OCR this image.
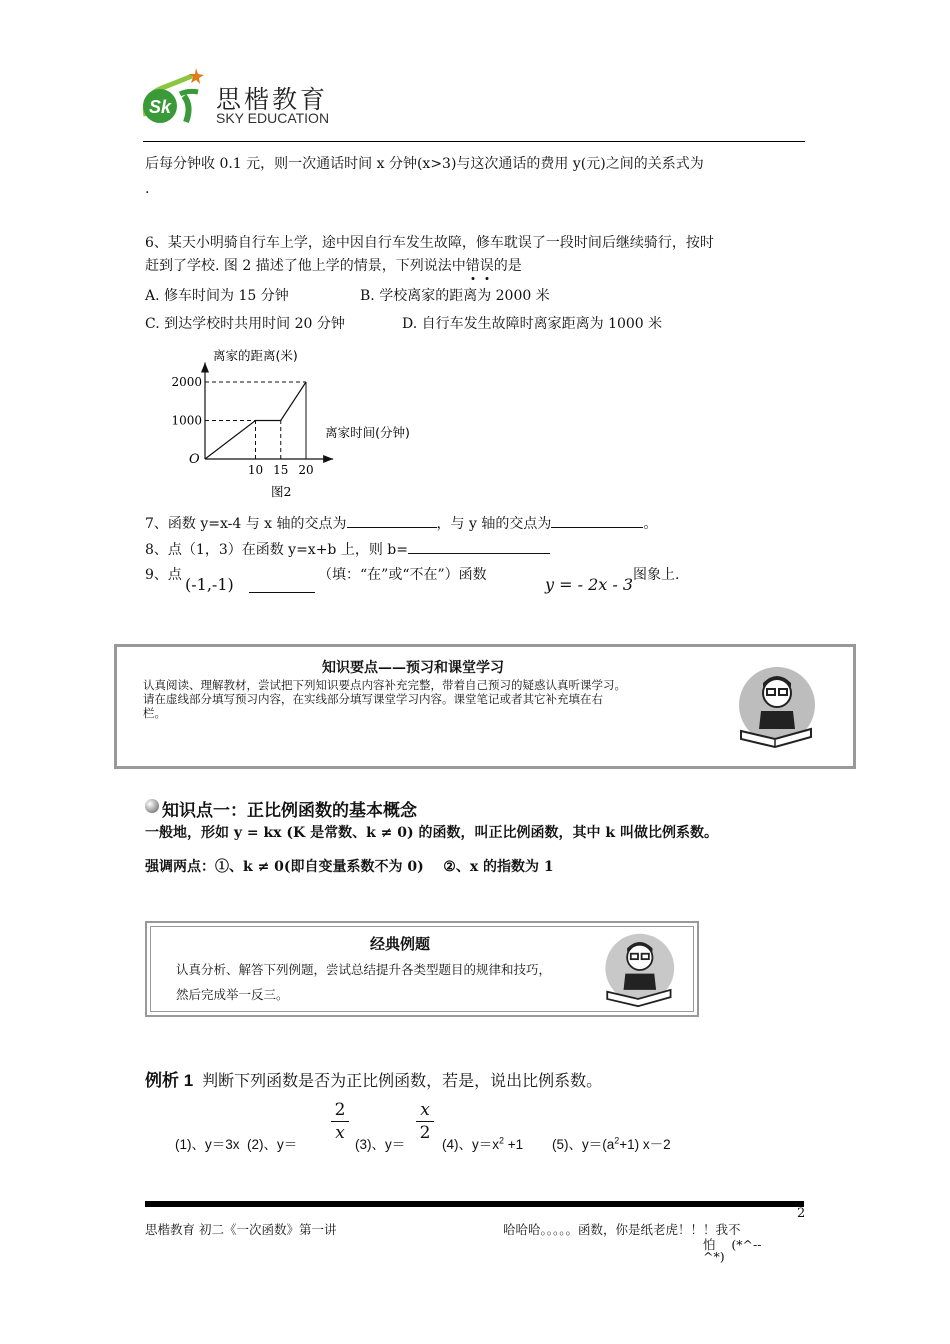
Sk 思楷教育
SKY EDUCATION
后每分钟收 0.1 元，则一次通话时间 x 分钟(x>3)与这次通话的费用 y(元)之间的关系式为
.
6、某天小明骑自行车上学，途中因自行车发生故障，修车耽误了一段时间后继续骑行，按时
赶到了学校. 图 2 描述了他上学的情景，下列说法中错误的是
A. 修车时间为 15 分钟	B. 学校离家的距离为 2000 米
C. 到达学校时共用时间 20 分钟	D. 自行车发生故障时离家距离为 1000 米
1000
2000
10 15 20
O
离家的距离(米)
离家时间(分钟)
图2
7、函数 y=x-4 与 x 轴的交点为	，与 y 轴的交点为	。
8、点（1，3）在函数 y=x+b 上，则 b=
9、点 (-1,-1)	（填：“在”或“不在”）函数	y = - 2x - 3 图象上.
知识要点——预习和课堂学习
认真阅读、理解教材，尝试把下列知识要点内容补充完整，带着自己预习的疑惑认真听课学习。
请在虚线部分填写预习内容，在实线部分填写课堂学习内容。课堂笔记或者其它补充填在右
栏。
知识点一：正比例函数的基本概念
一般地，形如 y = kx (K 是常数、k ≠ 0) 的函数，叫正比例函数，其中 k 叫做比例系数。
强调两点：①、k ≠ 0(即自变量系数不为 0)    ②、x 的指数为 1
经典例题
认真分析、解答下列例题，尝试总结提升各类型题目的规律和技巧，
然后完成举一反三。
例析 1 判断下列函数是否为正比例函数，若是，说出比例系数。
(1)、y＝3x (2)、y＝
2
x
(3)、y＝
x
2
(4)、$y=x^2 +1$ (5)、$y=(a^2+1)$ x－2
2
思楷教育 初二《一次函数》第一讲	哈哈哈。。。。。函数，你是纸老虎！！！我不
怕    (*^--
^*)
